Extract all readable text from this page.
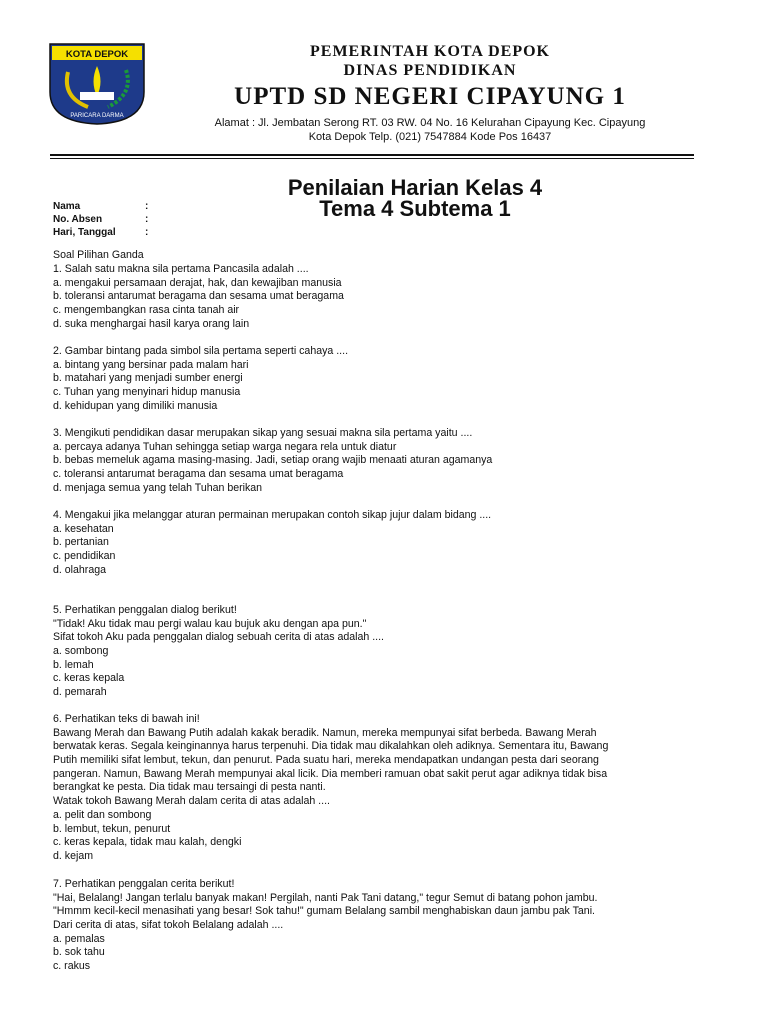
KOTA DEPOK
PARICARA DARMA
PEMERINTAH KOTA DEPOK
DINAS PENDIDIKAN
UPTD SD NEGERI CIPAYUNG 1
Alamat : Jl. Jembatan Serong RT. 03 RW. 04 No. 16 Kelurahan Cipayung Kec. Cipayung
Kota Depok Telp. (021) 7547884 Kode Pos 16437
Penilaian Harian Kelas 4
Tema 4 Subtema 1
Nama	:
No. Absen	:
Hari, Tanggal	:
Soal Pilihan Ganda
1. Salah satu makna sila pertama Pancasila adalah ....
a. mengakui persamaan derajat, hak, dan kewajiban manusia
b. toleransi antarumat beragama dan sesama umat beragama
c. mengembangkan rasa cinta tanah air
d. suka menghargai hasil karya orang lain
2. Gambar bintang pada simbol sila pertama seperti cahaya ....
a. bintang yang bersinar pada malam hari
b. matahari yang menjadi sumber energi
c. Tuhan yang menyinari hidup manusia
d. kehidupan yang dimiliki manusia
3. Mengikuti pendidikan dasar merupakan sikap yang sesuai makna sila pertama yaitu ....
a. percaya adanya Tuhan sehingga setiap warga negara rela untuk diatur
b. bebas memeluk agama masing-masing. Jadi, setiap orang wajib menaati aturan agamanya
c. toleransi antarumat beragama dan sesama umat beragama
d. menjaga semua yang telah Tuhan berikan
4. Mengakui jika melanggar aturan permainan merupakan contoh sikap jujur dalam bidang ....
a. kesehatan
b. pertanian
c. pendidikan
d. olahraga
5. Perhatikan penggalan dialog berikut!
"Tidak! Aku tidak mau pergi walau kau bujuk aku dengan apa pun."
Sifat tokoh Aku pada penggalan dialog sebuah cerita di atas adalah ....
a. sombong
b. lemah
c. keras kepala
d. pemarah
6. Perhatikan teks di bawah ini!
Bawang Merah dan Bawang Putih adalah kakak beradik. Namun, mereka mempunyai sifat berbeda. Bawang Merah
berwatak keras. Segala keinginannya harus terpenuhi. Dia tidak mau dikalahkan oleh adiknya. Sementara itu, Bawang
Putih memiliki sifat lembut, tekun, dan penurut. Pada suatu hari, mereka mendapatkan undangan pesta dari seorang
pangeran. Namun, Bawang Merah mempunyai akal licik. Dia memberi ramuan obat sakit perut agar adiknya tidak bisa
berangkat ke pesta. Dia tidak mau tersaingi di pesta nanti.
Watak tokoh Bawang Merah dalam cerita di atas adalah ....
a. pelit dan sombong
b. lembut, tekun, penurut
c. keras kepala, tidak mau kalah, dengki
d. kejam
7. Perhatikan penggalan cerita berikut!
"Hai, Belalang! Jangan terlalu banyak makan! Pergilah, nanti Pak Tani datang," tegur Semut di batang pohon jambu.
"Hmmm kecil-kecil menasihati yang besar! Sok tahu!" gumam Belalang sambil menghabiskan daun jambu pak Tani.
Dari cerita di atas, sifat tokoh Belalang adalah ....
a. pemalas
b. sok tahu
c. rakus
